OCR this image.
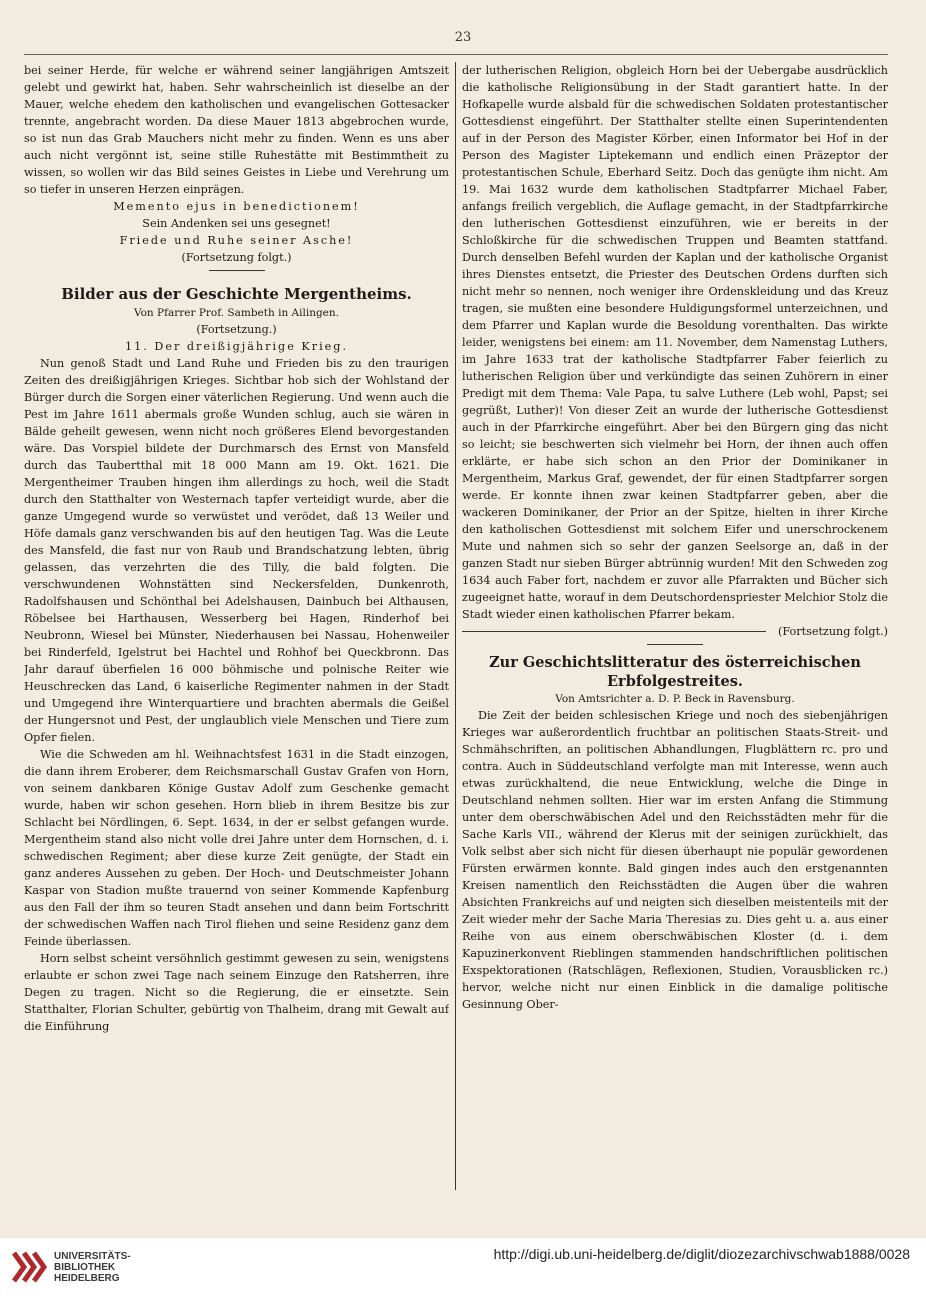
23

bei seiner Herde, für welche er während seiner langjährigen Amtszeit gelebt und gewirkt hat, haben. Sehr wahrscheinlich ist dieselbe an der Mauer, welche ehedem den katholischen und evangelischen Gottesacker trennte, angebracht worden. Da diese Mauer 1813 abgebrochen wurde, so ist nun das Grab Mauchers nicht mehr zu finden. Wenn es uns aber auch nicht vergönnt ist, seine stille Ruhestätte mit Bestimmtheit zu wissen, so wollen wir das Bild seines Geistes in Liebe und Verehrung um so tiefer in unseren Herzen einprägen.

Memento ejus in benedictionem!

Sein Andenken sei uns gesegnet!

Friede und Ruhe seiner Asche!

(Fortsetzung folgt.)

Bilder aus der Geschichte Mergentheims.

Von Pfarrer Prof. Sambeth in Ailingen.

(Fortsetzung.)

11. Der dreißigjährige Krieg.

Nun genoß Stadt und Land Ruhe und Frieden bis zu den traurigen Zeiten des dreißigjährigen Krieges. Sichtbar hob sich der Wohlstand der Bürger durch die Sorgen einer väterlichen Regierung. Und wenn auch die Pest im Jahre 1611 abermals große Wunden schlug, auch sie wären in Bälde geheilt gewesen, wenn nicht noch größeres Elend bevorgestanden wäre. Das Vorspiel bildete der Durchmarsch des Ernst von Mansfeld durch das Taubertthal mit 18 000 Mann am 19. Okt. 1621. Die Mergentheimer Trauben hingen ihm allerdings zu hoch, weil die Stadt durch den Statthalter von Westernach tapfer verteidigt wurde, aber die ganze Umgegend wurde so verwüstet und verödet, daß 13 Weiler und Höfe damals ganz verschwanden bis auf den heutigen Tag. Was die Leute des Mansfeld, die fast nur von Raub und Brandschatzung lebten, übrig gelassen, das verzehrten die des Tilly, die bald folgten. Die verschwundenen Wohnstätten sind Neckersfelden, Dunkenroth, Radolfshausen und Schönthal bei Adelshausen, Dainbuch bei Althausen, Röbelsee bei Harthausen, Wesserberg bei Hagen, Rinderhof bei Neubronn, Wiesel bei Münster, Niederhausen bei Nassau, Hohenweiler bei Rinderfeld, Igelstrut bei Hachtel und Rohhof bei Queckbronn. Das Jahr darauf überfielen 16 000 böhmische und polnische Reiter wie Heuschrecken das Land, 6 kaiserliche Regimenter nahmen in der Stadt und Umgegend ihre Winterquartiere und brachten abermals die Geißel der Hungersnot und Pest, der unglaublich viele Menschen und Tiere zum Opfer fielen.

Wie die Schweden am hl. Weihnachtsfest 1631 in die Stadt einzogen, die dann ihrem Eroberer, dem Reichsmarschall Gustav Grafen von Horn, von seinem dankbaren Könige Gustav Adolf zum Geschenke gemacht wurde, haben wir schon gesehen. Horn blieb in ihrem Besitze bis zur Schlacht bei Nördlingen, 6. Sept. 1634, in der er selbst gefangen wurde. Mergentheim stand also nicht volle drei Jahre unter dem Hornschen, d. i. schwedischen Regiment; aber diese kurze Zeit genügte, der Stadt ein ganz anderes Aussehen zu geben. Der Hoch- und Deutschmeister Johann Kaspar von Stadion mußte trauernd von seiner Kommende Kapfenburg aus den Fall der ihm so teuren Stadt ansehen und dann beim Fortschritt der schwedischen Waffen nach Tirol fliehen und seine Residenz ganz dem Feinde überlassen.

Horn selbst scheint versöhnlich gestimmt gewesen zu sein, wenigstens erlaubte er schon zwei Tage nach seinem Einzuge den Ratsherren, ihre Degen zu tragen. Nicht so die Regierung, die er einsetzte. Sein Statthalter, Florian Schulter, gebürtig von Thalheim, drang mit Gewalt auf die Einführung

der lutherischen Religion, obgleich Horn bei der Uebergabe ausdrücklich die katholische Religionsübung in der Stadt garantiert hatte. In der Hofkapelle wurde alsbald für die schwedischen Soldaten protestantischer Gottesdienst eingeführt. Der Statthalter stellte einen Superintendenten auf in der Person des Magister Körber, einen Informator bei Hof in der Person des Magister Liptekemann und endlich einen Präzeptor der protestantischen Schule, Eberhard Seitz. Doch das genügte ihm nicht. Am 19. Mai 1632 wurde dem katholischen Stadtpfarrer Michael Faber, anfangs freilich vergeblich, die Auflage gemacht, in der Stadtpfarrkirche den lutherischen Gottesdienst einzuführen, wie er bereits in der Schloßkirche für die schwedischen Truppen und Beamten stattfand. Durch denselben Befehl wurden der Kaplan und der katholische Organist ihres Dienstes entsetzt, die Priester des Deutschen Ordens durften sich nicht mehr so nennen, noch weniger ihre Ordenskleidung und das Kreuz tragen, sie mußten eine besondere Huldigungsformel unterzeichnen, und dem Pfarrer und Kaplan wurde die Besoldung vorenthalten. Das wirkte leider, wenigstens bei einem: am 11. November, dem Namenstag Luthers, im Jahre 1633 trat der katholische Stadtpfarrer Faber feierlich zu lutherischen Religion über und verkündigte das seinen Zuhörern in einer Predigt mit dem Thema: Vale Papa, tu salve Luthere (Leb wohl, Papst; sei gegrüßt, Luther)! Von dieser Zeit an wurde der lutherische Gottesdienst auch in der Pfarrkirche eingeführt. Aber bei den Bürgern ging das nicht so leicht; sie beschwerten sich vielmehr bei Horn, der ihnen auch offen erklärte, er habe sich schon an den Prior der Dominikaner in Mergentheim, Markus Graf, gewendet, der für einen Stadtpfarrer sorgen werde. Er konnte ihnen zwar keinen Stadtpfarrer geben, aber die wackeren Dominikaner, der Prior an der Spitze, hielten in ihrer Kirche den katholischen Gottesdienst mit solchem Eifer und unerschrockenem Mute und nahmen sich so sehr der ganzen Seelsorge an, daß in der ganzen Stadt nur sieben Bürger abtrünnig wurden! Mit den Schweden zog 1634 auch Faber fort, nachdem er zuvor alle Pfarrakten und Bücher sich zugeeignet hatte, worauf in dem Deutschordenspriester Melchior Stolz die Stadt wieder einen katholischen Pfarrer bekam.

(Fortsetzung folgt.)

Zur Geschichtslitteratur des österreichischen
Erbfolgestreites.

Von Amtsrichter a. D. P. Beck in Ravensburg.

Die Zeit der beiden schlesischen Kriege und noch des siebenjährigen Krieges war außerordentlich fruchtbar an politischen Staats-Streit- und Schmähschriften, an politischen Abhandlungen, Flugblättern rc. pro und contra. Auch in Süddeutschland verfolgte man mit Interesse, wenn auch etwas zurückhaltend, die neue Entwicklung, welche die Dinge in Deutschland nehmen sollten. Hier war im ersten Anfang die Stimmung unter dem oberschwäbischen Adel und den Reichsstädten mehr für die Sache Karls VII., während der Klerus mit der seinigen zurückhielt, das Volk selbst aber sich nicht für diesen überhaupt nie populär gewordenen Fürsten erwärmen konnte. Bald gingen indes auch den erstgenannten Kreisen namentlich den Reichsstädten die Augen über die wahren Absichten Frankreichs auf und neigten sich dieselben meistenteils mit der Zeit wieder mehr der Sache Maria Theresias zu. Dies geht u. a. aus einer Reihe von aus einem oberschwäbischen Kloster (d. i. dem Kapuzinerkonvent Rieblingen stammenden handschriftlichen politischen Exspektorationen (Ratschlägen, Reflexionen, Studien, Vorausblicken rc.) hervor, welche nicht nur einen Einblick in die damalige politische Gesinnung Ober-

UNIVERSITÄTS-
BIBLIOTHEK
HEIDELBERG
http://digi.ub.uni-heidelberg.de/diglit/diozezarchivschwab1888/0028
